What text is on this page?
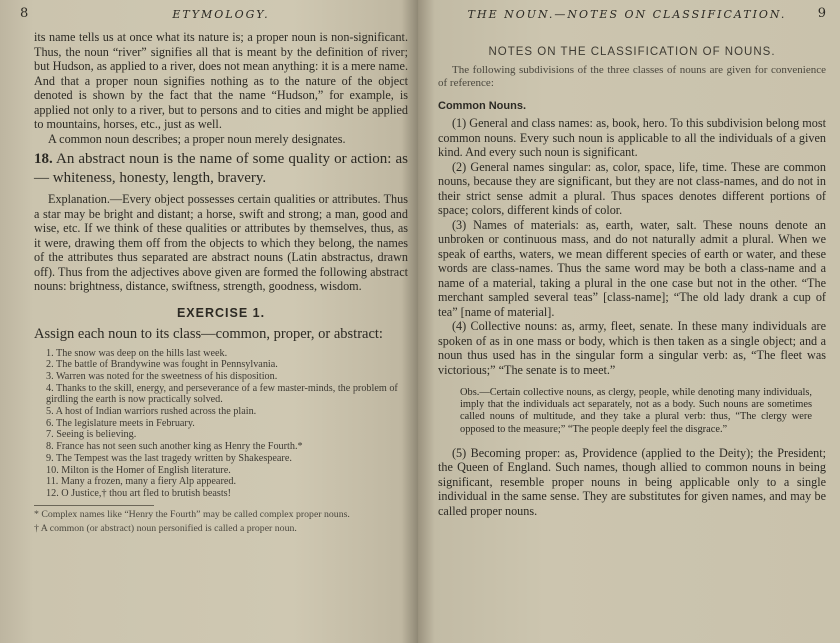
8	ETYMOLOGY.

its name tells us at once what its nature is; a proper noun is non-significant. Thus, the noun “river” signifies all that is meant by the definition of river; but Hudson, as applied to a river, does not mean anything: it is a mere name. And that a proper noun signifies nothing as to the nature of the object denoted is shown by the fact that the name “Hudson,” for example, is applied not only to a river, but to persons and to cities and might be applied to mountains, horses, etc., just as well.

A common noun describes; a proper noun merely designates.

18. An abstract noun is the name of some quality or action: as— whiteness, honesty, length, bravery.

Explanation.—Every object possesses certain qualities or attributes. Thus a star may be bright and distant; a horse, swift and strong; a man, good and wise, etc. If we think of these qualities or attributes by themselves, thus, as it were, drawing them off from the objects to which they belong, the names of the attributes thus separated are abstract nouns (Latin abstractus, drawn off). Thus from the adjectives above given are formed the following abstract nouns: brightness, distance, swiftness, strength, goodness, wisdom.

EXERCISE 1.

Assign each noun to its class—common, proper, or abstract:

1. The snow was deep on the hills last week.
2. The battle of Brandywine was fought in Pennsylvania.
3. Warren was noted for the sweetness of his disposition.
4. Thanks to the skill, energy, and perseverance of a few master-minds, the problem of girdling the earth is now practically solved.
5. A host of Indian warriors rushed across the plain.
6. The legislature meets in February.
7. Seeing is believing.
8. France has not seen such another king as Henry the Fourth.*
9. The Tempest was the last tragedy written by Shakespeare.
10. Milton is the Homer of English literature.
11. Many a frozen, many a fiery Alp appeared.
12. O Justice,† thou art fled to brutish beasts!

* Complex names like “Henry the Fourth” may be called complex proper nouns.

† A common (or abstract) noun personified is called a proper noun.

THE NOUN.—NOTES ON CLASSIFICATION.	9
NOTES ON THE CLASSIFICATION OF NOUNS.

The following subdivisions of the three classes of nouns are given for convenience of reference:

Common Nouns.

(1) General and class names: as, book, hero. To this subdivision belong most common nouns. Every such noun is applicable to all the individuals of a given kind. And every such noun is significant.

(2) General names singular: as, color, space, life, time. These are common nouns, because they are significant, but they are not class-names, and do not in their strict sense admit a plural. Thus spaces denotes different portions of space; colors, different kinds of color.

(3) Names of materials: as, earth, water, salt. These nouns denote an unbroken or continuous mass, and do not naturally admit a plural. When we speak of earths, waters, we mean different species of earth or water, and these words are class-names. Thus the same word may be both a class-name and a name of a material, taking a plural in the one case but not in the other. “The merchant sampled several teas” [class-name]; “The old lady drank a cup of tea” [name of material].

(4) Collective nouns: as, army, fleet, senate. In these many individuals are spoken of as in one mass or body, which is then taken as a single object; and a noun thus used has in the singular form a singular verb: as, “The fleet was victorious;” “The senate is to meet.”

Obs.—Certain collective nouns, as clergy, people, while denoting many individuals, imply that the individuals act separately, not as a body. Such nouns are sometimes called nouns of multitude, and they take a plural verb: thus, “The clergy were opposed to the measure;” “The people deeply feel the disgrace.”

(5) Becoming proper: as, Providence (applied to the Deity); the President; the Queen of England. Such names, though allied to common nouns in being significant, resemble proper nouns in being applicable only to a single individual in the same sense. They are substitutes for given names, and may be called proper nouns.
